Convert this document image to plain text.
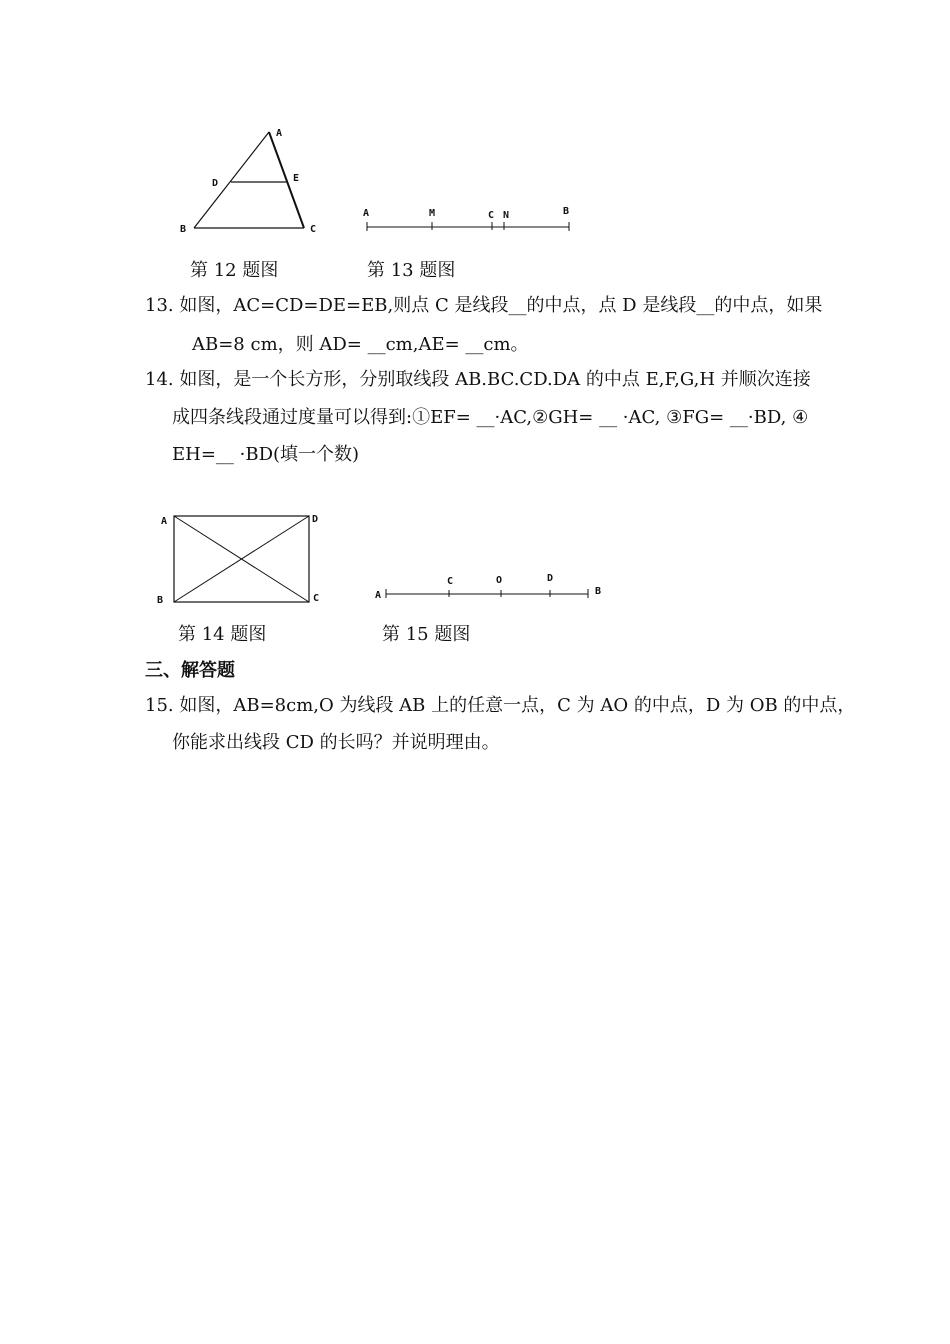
A
D	E
B	C
A	M	C N	B
第 12 题图	第 13 题图
13. 如图，AC=CD=DE=EB,则点 C 是线段__的中点，点 D 是线段__的中点，如果
AB=8 cm，则 AD= __cm,AE= __cm。
14. 如图，是一个长方形，分别取线段 AB.BC.CD.DA 的中点 E,F,G,H 并顺次连接
成四条线段通过度量可以得到:①EF= __·AC,②GH= __ ·AC, ③FG= __·BD, ④
EH=__ ·BD(填一个数)
A	D
B	C	A
C	O	D
B
第 14 题图	第 15 题图
三、解答题
15. 如图，AB=8cm,O 为线段 AB 上的任意一点，C 为 AO 的中点，D 为 OB 的中点，
你能求出线段 CD 的长吗？并说明理由。
